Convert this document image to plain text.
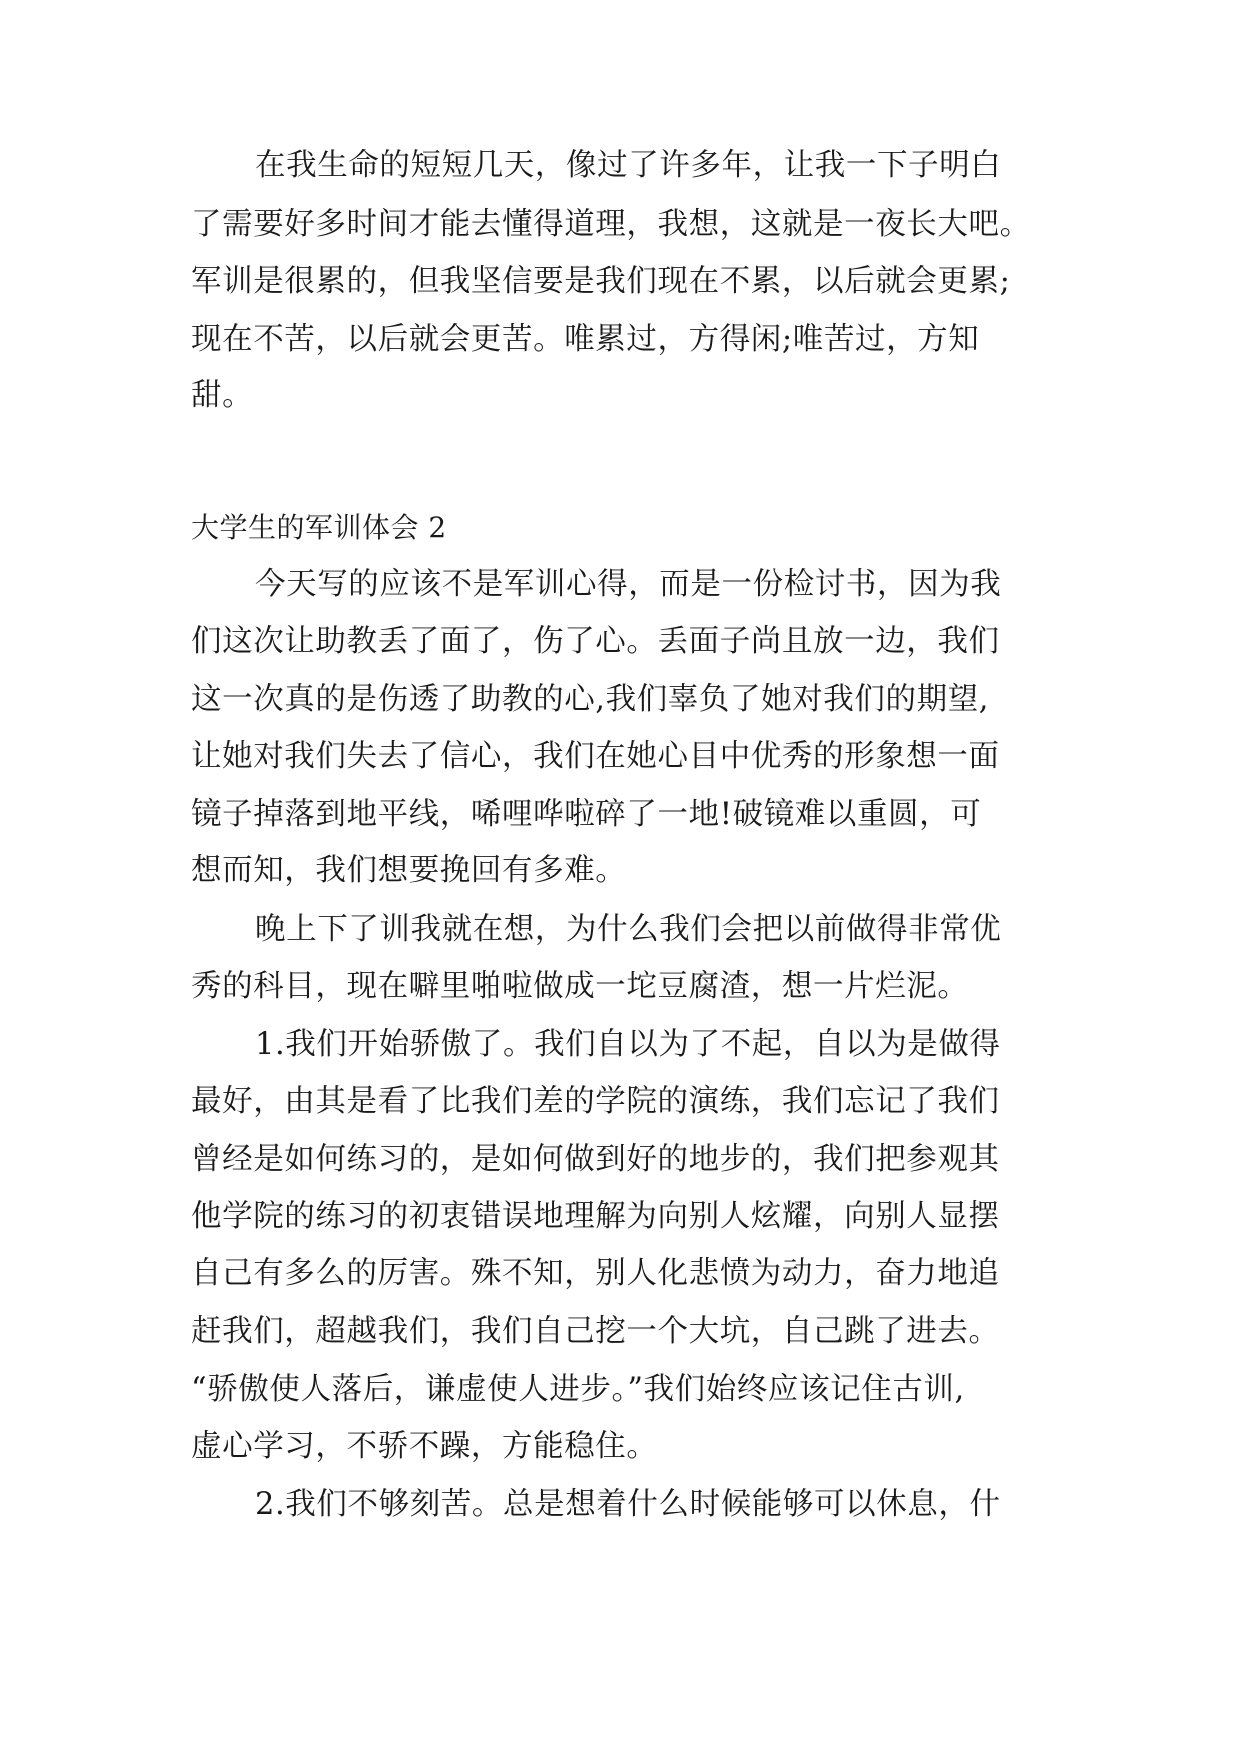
在我生命的短短几天，像过了许多年，让我一下子明白
了需要好多时间才能去懂得道理，我想，这就是一夜长大吧。
军训是很累的，但我坚信要是我们现在不累，以后就会更累;
现在不苦，以后就会更苦。唯累过，方得闲;唯苦过，方知
甜。
大学生的军训体会 2
今天写的应该不是军训心得，而是一份检讨书，因为我
们这次让助教丢了面了，伤了心。丢面子尚且放一边，我们
这一次真的是伤透了助教的心,我们辜负了她对我们的期望,
让她对我们失去了信心，我们在她心目中优秀的形象想一面
镜子掉落到地平线，唏哩哗啦碎了一地!破镜难以重圆，可
想而知，我们想要挽回有多难。
晚上下了训我就在想，为什么我们会把以前做得非常优
秀的科目，现在噼里啪啦做成一坨豆腐渣，想一片烂泥。
1.我们开始骄傲了。我们自以为了不起，自以为是做得
最好，由其是看了比我们差的学院的演练，我们忘记了我们
曾经是如何练习的，是如何做到好的地步的，我们把参观其
他学院的练习的初衷错误地理解为向别人炫耀，向别人显摆
自己有多么的厉害。殊不知，别人化悲愤为动力，奋力地追
赶我们，超越我们，我们自己挖一个大坑，自己跳了进去。
“骄傲使人落后，谦虚使人进步。”我们始终应该记住古训,
虚心学习，不骄不躁，方能稳住。
2.我们不够刻苦。总是想着什么时候能够可以休息，什
